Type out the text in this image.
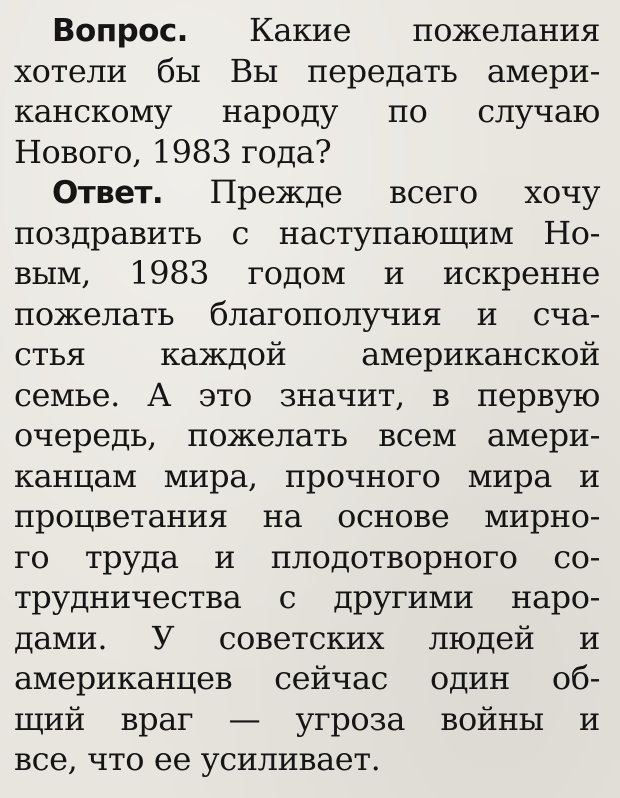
Вопрос. Какие пожелания
хотели бы Вы передать амери-
канскому народу по случаю
Нового, 1983 года?

Ответ. Прежде всего хочу
поздравить с наступающим Но-
вым, 1983 годом и искренне
пожелать благополучия и сча-
стья каждой американской
семье. А это значит, в первую
очередь, пожелать всем амери-
канцам мира, прочного мира и
процветания на основе мирно-
го труда и плодотворного со-
трудничества с другими наро-
дами. У советских людей и
американцев сейчас один об-
щий враг — угроза войны и
все, что ее усиливает.
